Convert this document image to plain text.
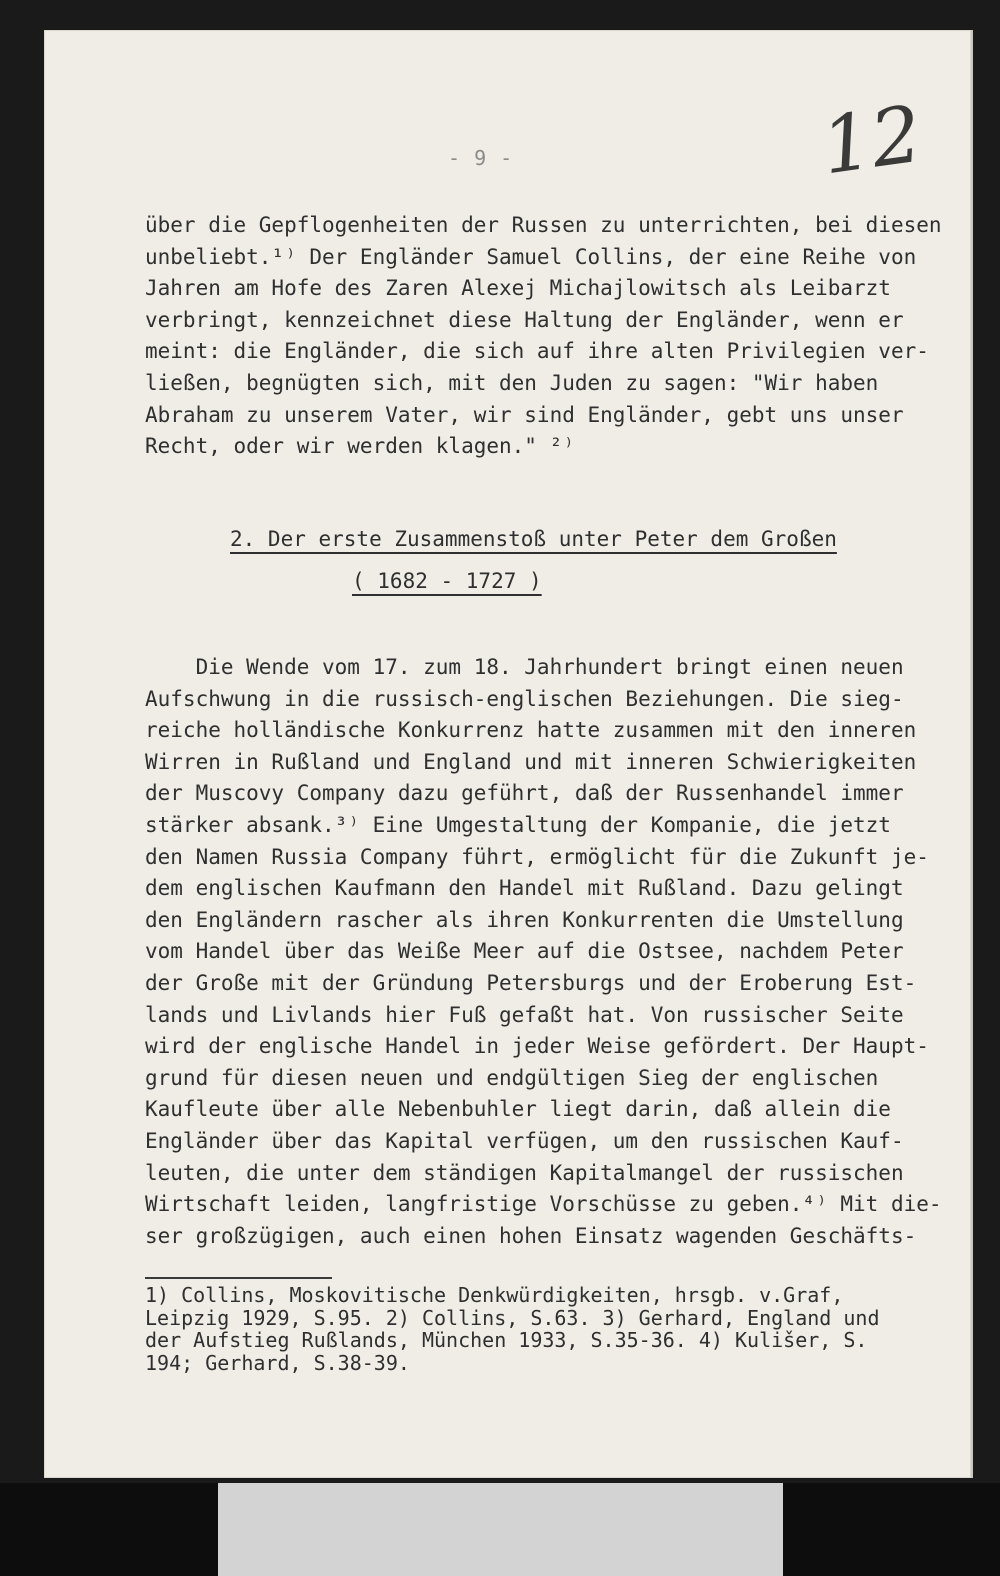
- 9 -	12
über die Gepflogenheiten der Russen zu unterrichten, bei diesen
unbeliebt.¹⁾ Der Engländer Samuel Collins, der eine Reihe von
Jahren am Hofe des Zaren Alexej Michajlowitsch als Leibarzt
verbringt, kennzeichnet diese Haltung der Engländer, wenn er
meint: die Engländer, die sich auf ihre alten Privilegien ver-
ließen, begnügten sich, mit den Juden zu sagen: "Wir haben
Abraham zu unserem Vater, wir sind Engländer, gebt uns unser
Recht, oder wir werden klagen." ²⁾
2. Der erste Zusammenstoß unter Peter dem Großen
( 1682 - 1727 )
Die Wende vom 17. zum 18. Jahrhundert bringt einen neuen
Aufschwung in die russisch-englischen Beziehungen. Die sieg-
reiche holländische Konkurrenz hatte zusammen mit den inneren
Wirren in Rußland und England und mit inneren Schwierigkeiten
der Muscovy Company dazu geführt, daß der Russenhandel immer
stärker absank.³⁾ Eine Umgestaltung der Kompanie, die jetzt
den Namen Russia Company führt, ermöglicht für die Zukunft je-
dem englischen Kaufmann den Handel mit Rußland. Dazu gelingt
den Engländern rascher als ihren Konkurrenten die Umstellung
vom Handel über das Weiße Meer auf die Ostsee, nachdem Peter
der Große mit der Gründung Petersburgs und der Eroberung Est-
lands und Livlands hier Fuß gefaßt hat. Von russischer Seite
wird der englische Handel in jeder Weise gefördert. Der Haupt-
grund für diesen neuen und endgültigen Sieg der englischen
Kaufleute über alle Nebenbuhler liegt darin, daß allein die
Engländer über das Kapital verfügen, um den russischen Kauf-
leuten, die unter dem ständigen Kapitalmangel der russischen
Wirtschaft leiden, langfristige Vorschüsse zu geben.⁴⁾ Mit die-
ser großzügigen, auch einen hohen Einsatz wagenden Geschäfts-
1) Collins, Moskovitische Denkwürdigkeiten, hrsgb. v.Graf,
Leipzig 1929, S.95. 2) Collins, S.63. 3) Gerhard, England und
der Aufstieg Rußlands, München 1933, S.35-36. 4) Kulišer, S.
194; Gerhard, S.38-39.
